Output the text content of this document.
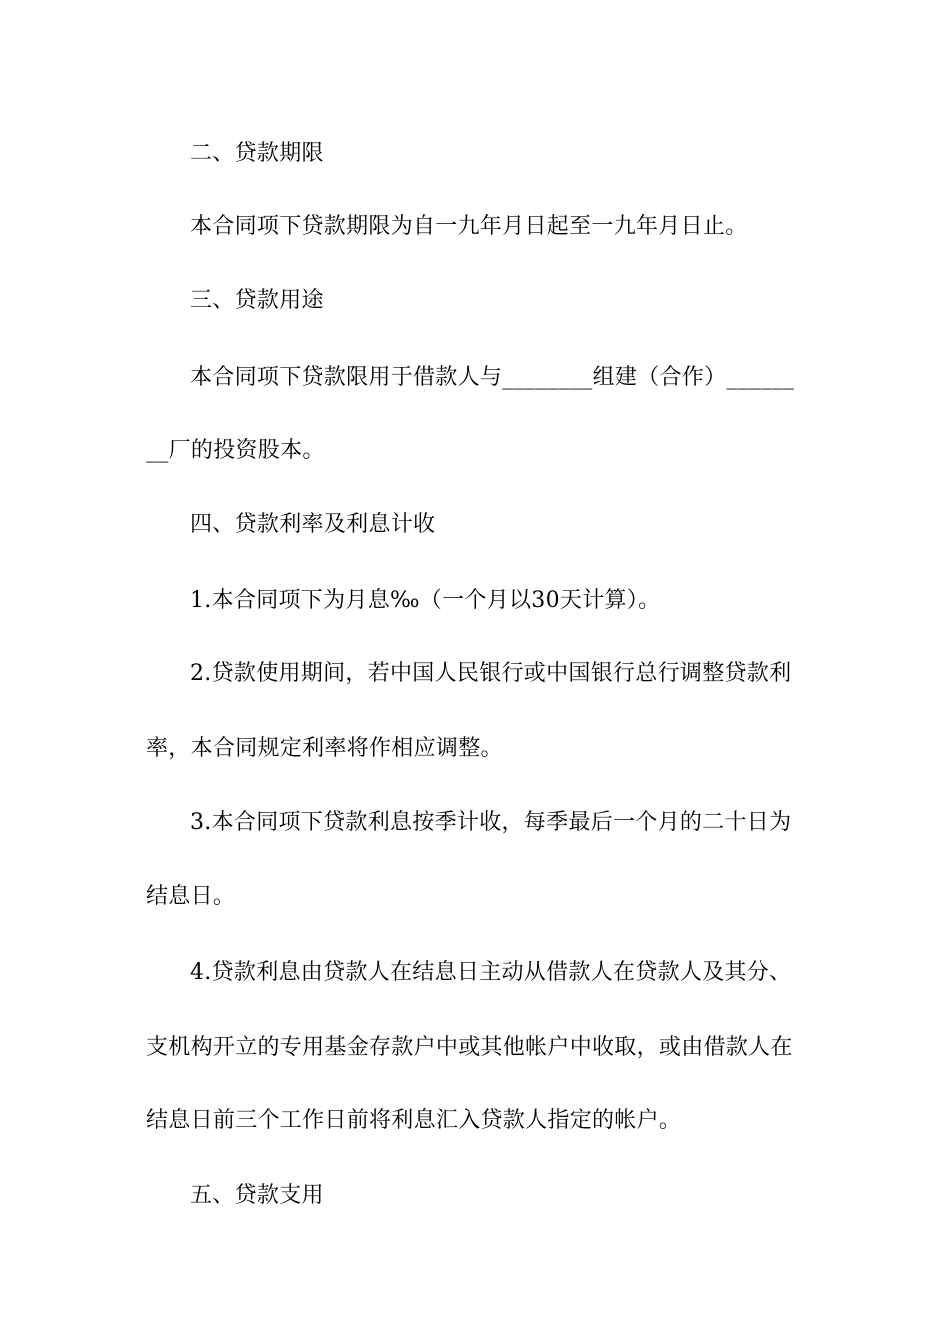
二、贷款期限
本合同项下贷款期限为自一九年月日起至一九年月日止。
三、贷款用途
本合同项下贷款限用于借款人与________组建（合作）______
__厂的投资股本。
四、贷款利率及利息计收
1.本合同项下为月息‰（一个月以30天计算）。
2.贷款使用期间，若中国人民银行或中国银行总行调整贷款利
率，本合同规定利率将作相应调整。
3.本合同项下贷款利息按季计收，每季最后一个月的二十日为
结息日。
4.贷款利息由贷款人在结息日主动从借款人在贷款人及其分、
支机构开立的专用基金存款户中或其他帐户中收取，或由借款人在
结息日前三个工作日前将利息汇入贷款人指定的帐户。
五、贷款支用
